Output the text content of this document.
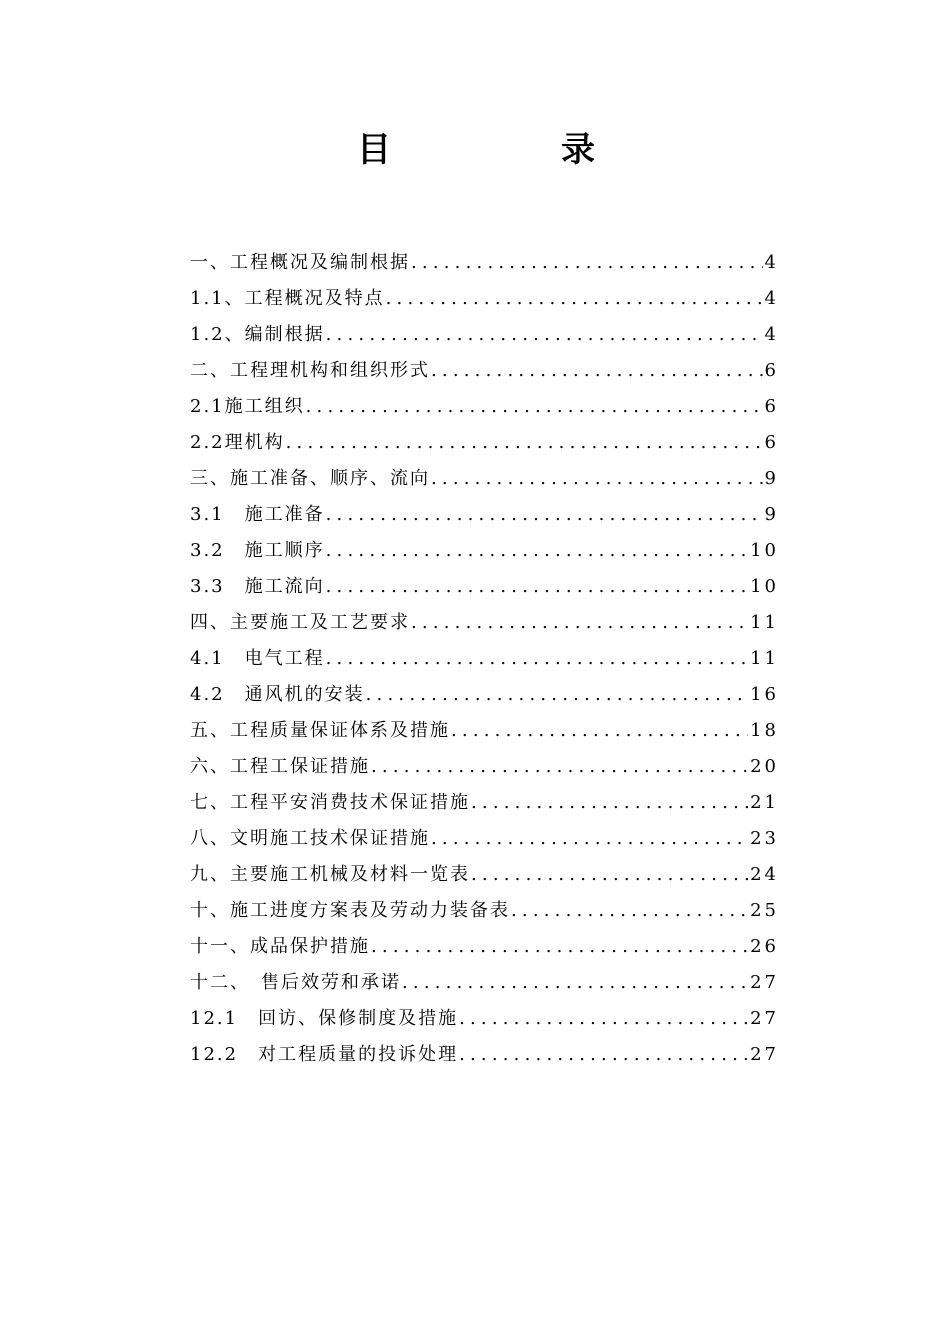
目　录
一、工程概况及编制根据 .....	4
1.1、工程概况及特点 .....	4
1.2、编制根据 .....	4
二、工程理机构和组织形式 .....	6
2.1施工组织 .....	6
2.2理机构 .....	6
三、施工准备、顺序、流向 .....	9
3.1　施工准备 .....	9
3.2　施工顺序 .....	10
3.3　施工流向 .....	10
四、主要施工及工艺要求 .....	11
4.1　电气工程 .....	11
4.2　通风机的安装 .....	16
五、工程质量保证体系及措施 .....	18
六、工程工保证措施 .....	20
七、工程平安消费技术保证措施 .....	21
八、文明施工技术保证措施 .....	23
九、主要施工机械及材料一览表 .....	24
十、施工进度方案表及劳动力装备表 .....	25
十一、成品保护措施 .....	26
十二、　售后效劳和承诺 .....	27
12.1　回访、保修制度及措施 .....	27
12.2　对工程质量的投诉处理 .....	27
